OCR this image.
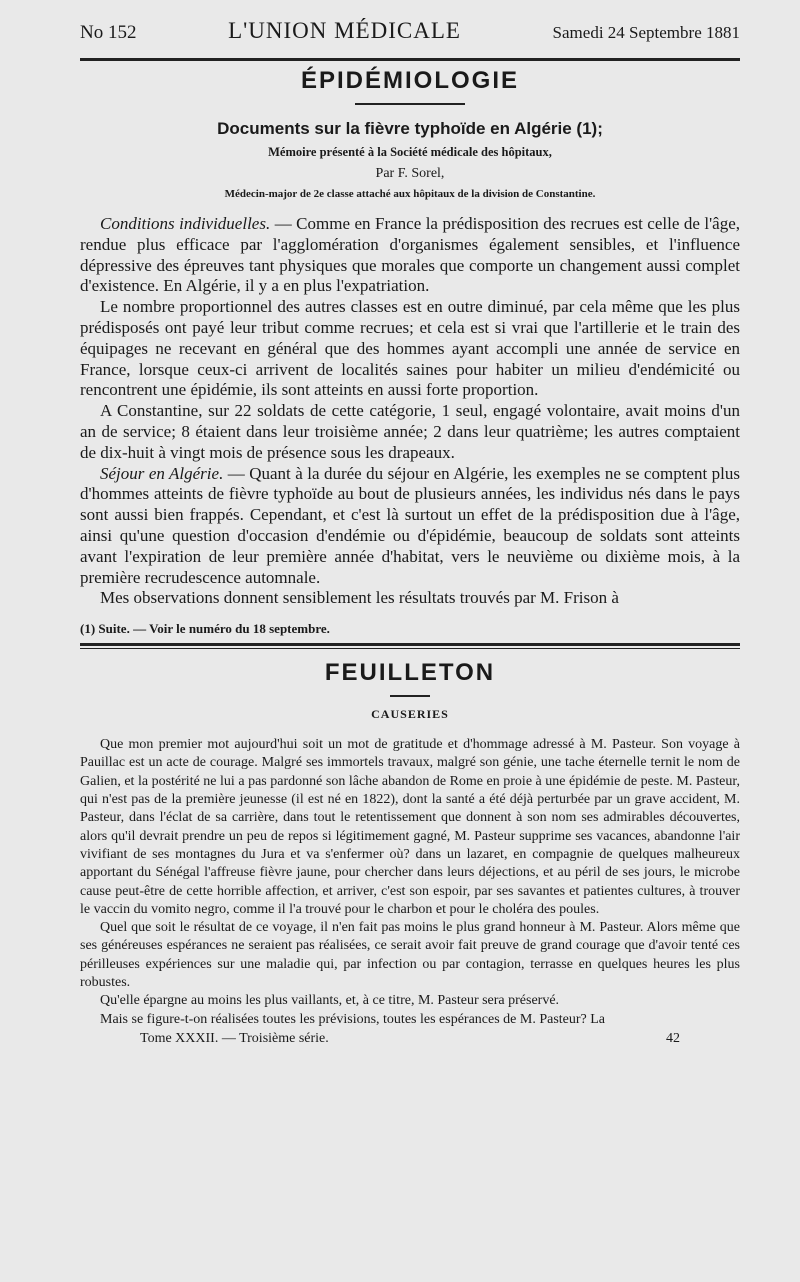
No 152	L'UNION MÉDICALE	Samedi 24 Septembre 1881
ÉPIDÉMIOLOGIE
Documents sur la fièvre typhoïde en Algérie (1);
Mémoire présenté à la Société médicale des hôpitaux,
Par F. Sorel,
Médecin-major de 2e classe attaché aux hôpitaux de la division de Constantine.

Conditions individuelles. — Comme en France la prédisposition des recrues est celle de l'âge, rendue plus efficace par l'agglomération d'organismes également sensibles, et l'influence dépressive des épreuves tant physiques que morales que comporte un changement aussi complet d'existence. En Algérie, il y a en plus l'expatriation.

Le nombre proportionnel des autres classes est en outre diminué, par cela même que les plus prédisposés ont payé leur tribut comme recrues; et cela est si vrai que l'artillerie et le train des équipages ne recevant en général que des hommes ayant accompli une année de service en France, lorsque ceux-ci arrivent de localités saines pour habiter un milieu d'endémicité ou rencontrent une épidémie, ils sont atteints en aussi forte proportion.

A Constantine, sur 22 soldats de cette catégorie, 1 seul, engagé volontaire, avait moins d'un an de service; 8 étaient dans leur troisième année; 2 dans leur quatrième; les autres comptaient de dix-huit à vingt mois de présence sous les drapeaux.

Séjour en Algérie. — Quant à la durée du séjour en Algérie, les exemples ne se comptent plus d'hommes atteints de fièvre typhoïde au bout de plusieurs années, les individus nés dans le pays sont aussi bien frappés. Cependant, et c'est là surtout un effet de la prédisposition due à l'âge, ainsi qu'une question d'occasion d'endémie ou d'épidémie, beaucoup de soldats sont atteints avant l'expiration de leur première année d'habitat, vers le neuvième ou dixième mois, à la première recrudescence automnale.

Mes observations donnent sensiblement les résultats trouvés par M. Frison à

(1) Suite. — Voir le numéro du 18 septembre.
FEUILLETON
CAUSERIES

Que mon premier mot aujourd'hui soit un mot de gratitude et d'hommage adressé à M. Pasteur. Son voyage à Pauillac est un acte de courage. Malgré ses immortels travaux, malgré son génie, une tache éternelle ternit le nom de Galien, et la postérité ne lui a pas pardonné son lâche abandon de Rome en proie à une épidémie de peste. M. Pasteur, qui n'est pas de la première jeunesse (il est né en 1822), dont la santé a été déjà perturbée par un grave accident, M. Pasteur, dans l'éclat de sa carrière, dans tout le retentissement que donnent à son nom ses admirables découvertes, alors qu'il devrait prendre un peu de repos si légitimement gagné, M. Pasteur supprime ses vacances, abandonne l'air vivifiant de ses montagnes du Jura et va s'enfermer où? dans un lazaret, en compagnie de quelques malheureux apportant du Sénégal l'affreuse fièvre jaune, pour chercher dans leurs déjections, et au péril de ses jours, le microbe cause peut-être de cette horrible affection, et arriver, c'est son espoir, par ses savantes et patientes cultures, à trouver le vaccin du vomito negro, comme il l'a trouvé pour le charbon et pour le choléra des poules.

Quel que soit le résultat de ce voyage, il n'en fait pas moins le plus grand honneur à M. Pasteur. Alors même que ses généreuses espérances ne seraient pas réalisées, ce serait avoir fait preuve de grand courage que d'avoir tenté ces périlleuses expériences sur une maladie qui, par infection ou par contagion, terrasse en quelques heures les plus robustes.

Qu'elle épargne au moins les plus vaillants, et, à ce titre, M. Pasteur sera préservé.

Mais se figure-t-on réalisées toutes les prévisions, toutes les espérances de M. Pasteur? La

Tome XXXII. — Troisième série.	42
